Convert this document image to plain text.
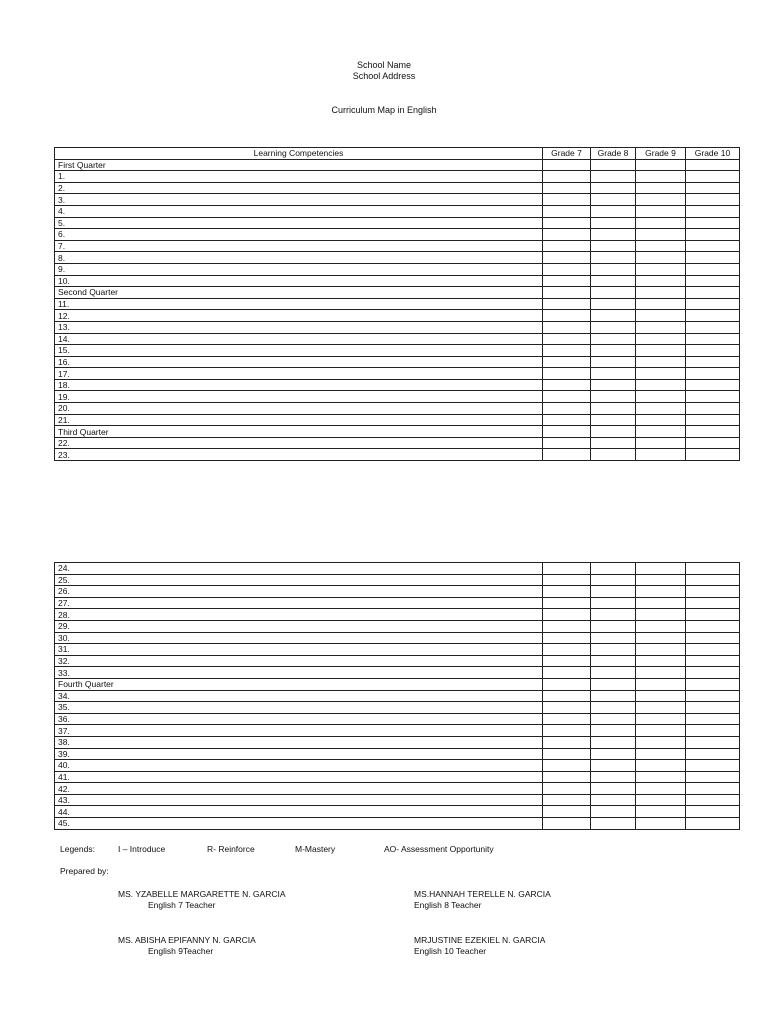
School Name
School Address
Curriculum Map in English
Learning Competencies	Grade 7	Grade 8	Grade 9	Grade 10
First Quarter				
1.				
2.				
3.				
4.				
5.				
6.				
7.				
8.				
9.				
10.				
Second Quarter				
11.				
12.				
13.				
14.				
15.				
16.				
17.				
18.				
19.				
20.				
21.				
Third Quarter				
22.				
23.				
24.				
25.				
26.				
27.				
28.				
29.				
30.				
31.				
32.				
33.				
Fourth Quarter				
34.				
35.				
36.				
37.				
38.				
39.				
40.				
41.				
42.				
43.				
44.				
45.				
Legends:	I – Introduce	R- Reinforce	M-Mastery	AO- Assessment Opportunity
Prepared by:
MS. YZABELLE MARGARETTE N. GARCIA
English 7 Teacher
MS.HANNAH TERELLE N. GARCIA
English 8 Teacher
MS. ABISHA EPIFANNY N. GARCIA
English 9Teacher
MRJUSTINE EZEKIEL N. GARCIA
English 10 Teacher
